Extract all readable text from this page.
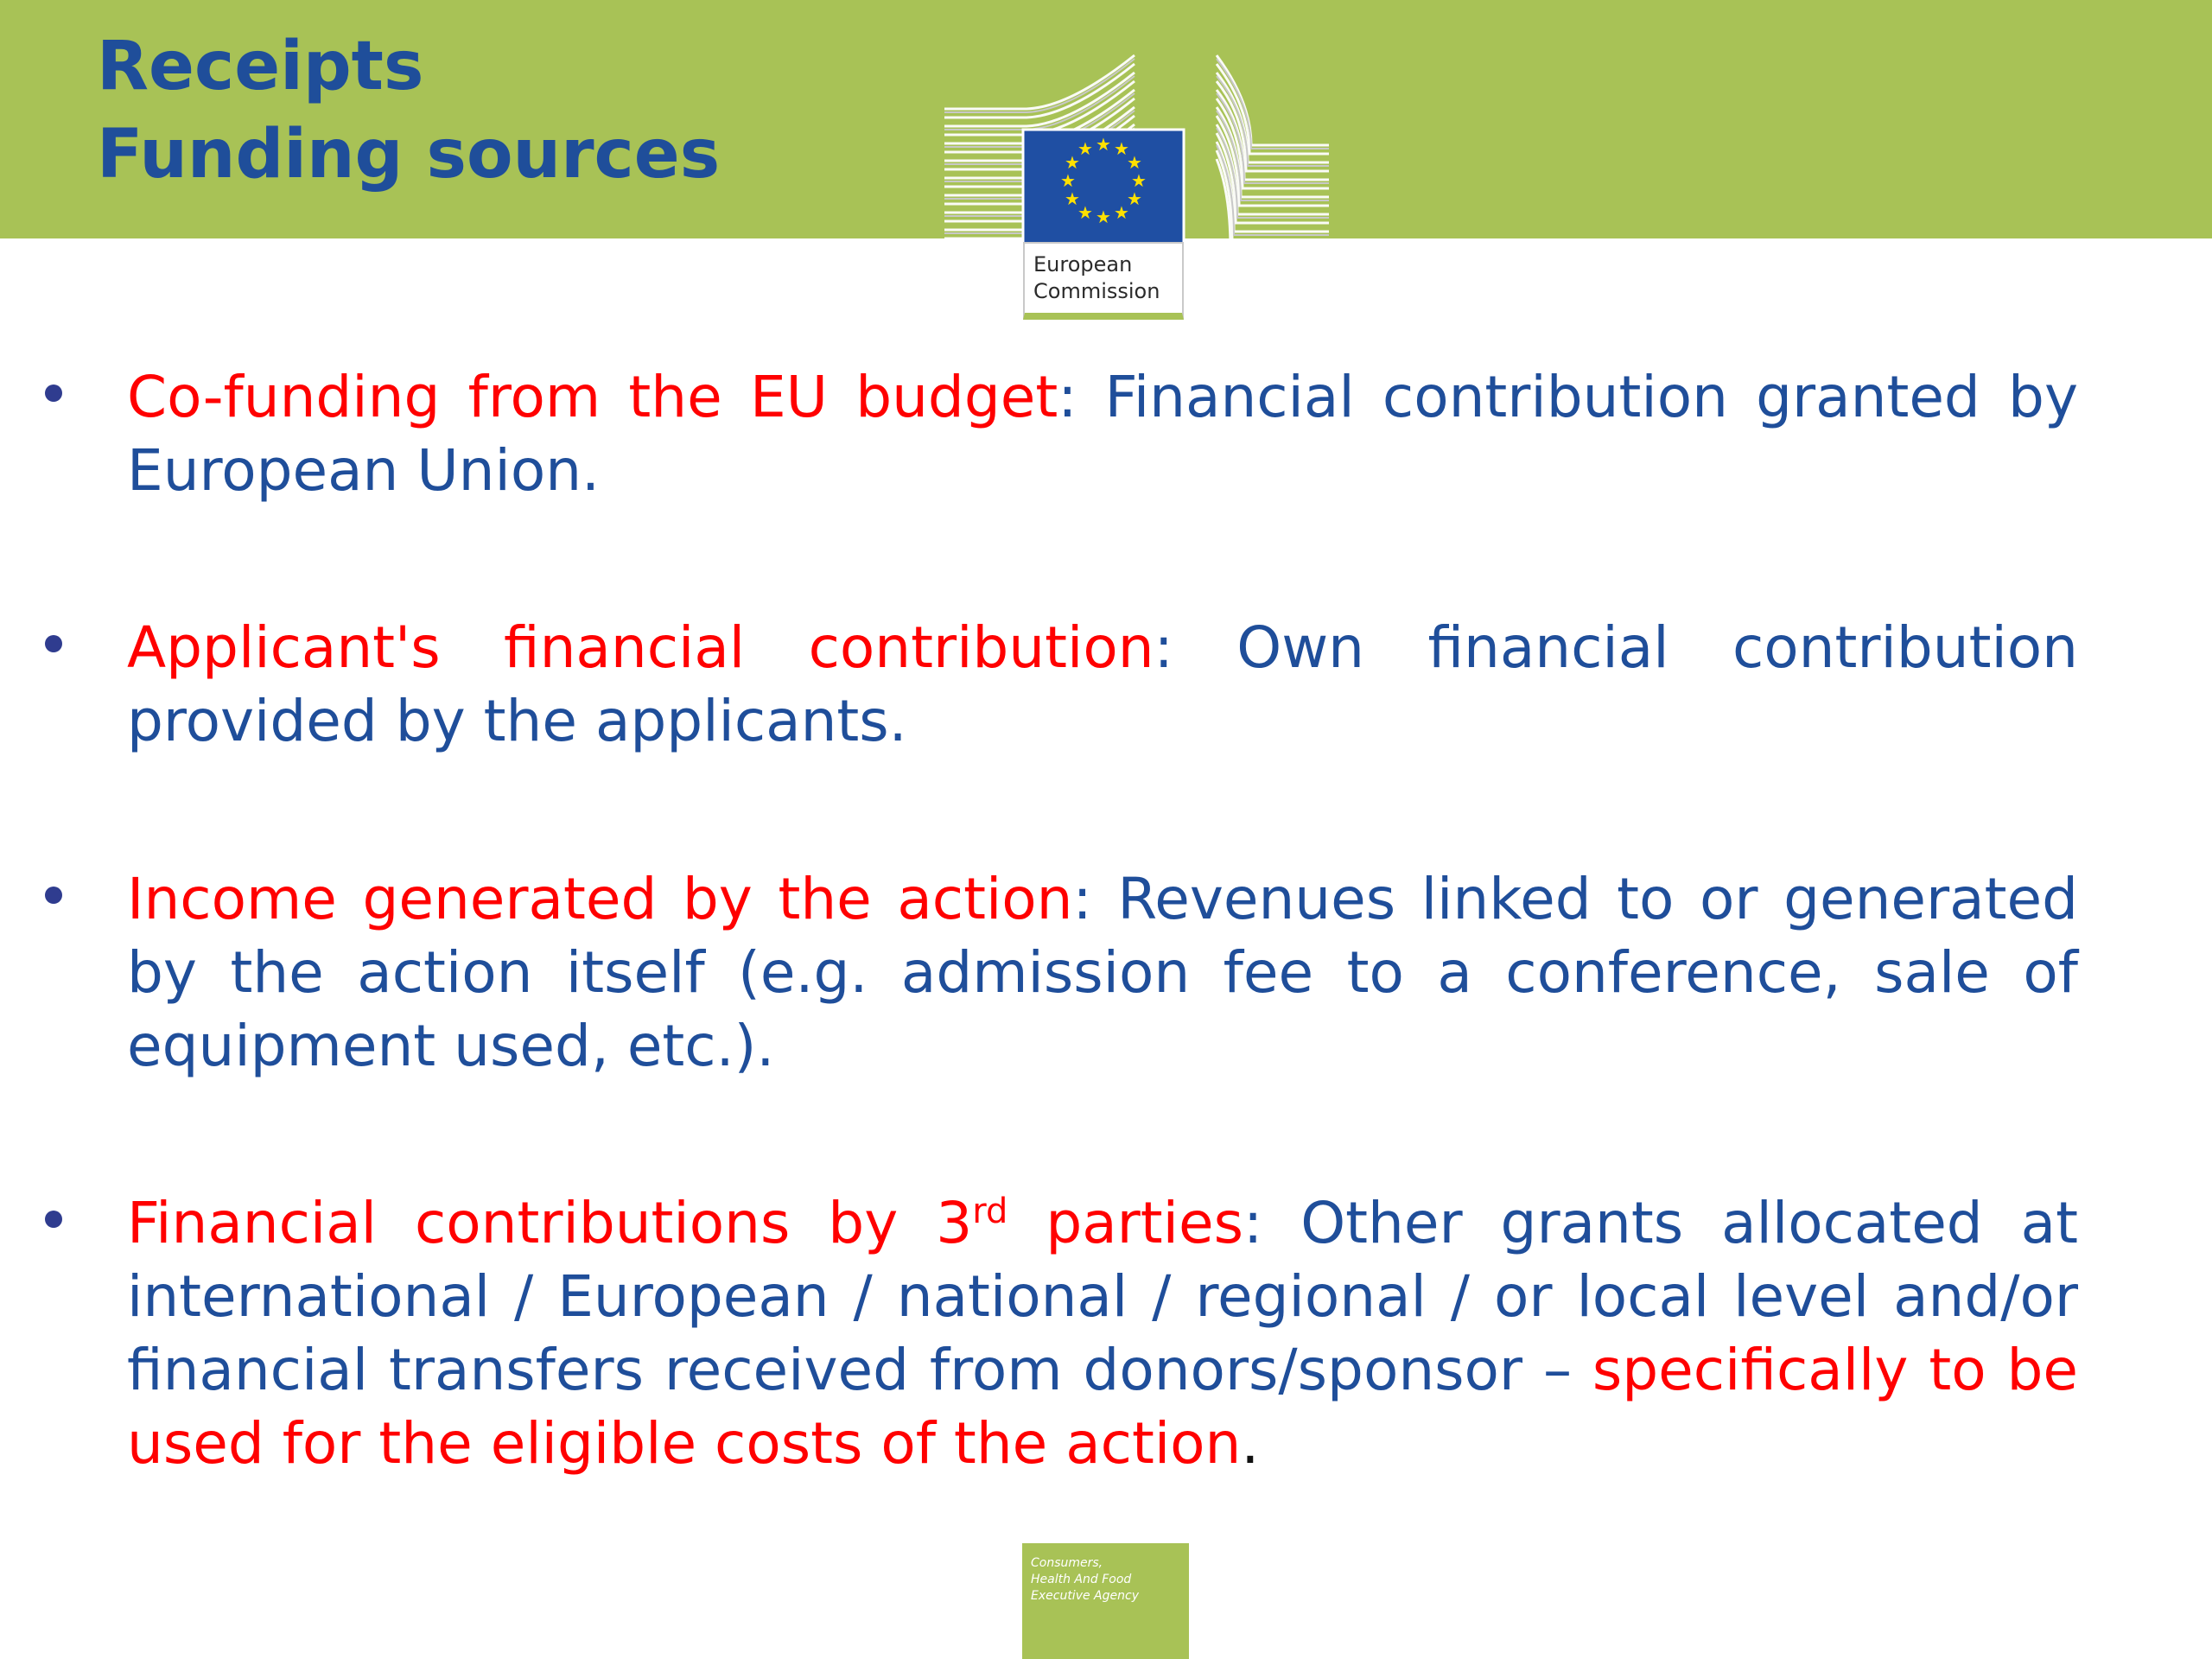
Receipts
Funding sources	★ ★
★
★
★
★
★
★
★
★
★
★
European
Commission

Co-funding from the EU budget: Financial contribution granted by European Union.

Applicant's financial contribution: Own financial contribution provided by the applicants.

Income generated by the action: Revenues linked to or generated by the action itself (e.g. admission fee to a conference, sale of equipment used, etc.).

Financial contributions by 3rd parties: Other grants allocated at international / European / national / regional / or local level and/or financial transfers received from donors/sponsor – specifically to be used for the eligible costs of the action.

Consumers,
Health And Food
Executive Agency
